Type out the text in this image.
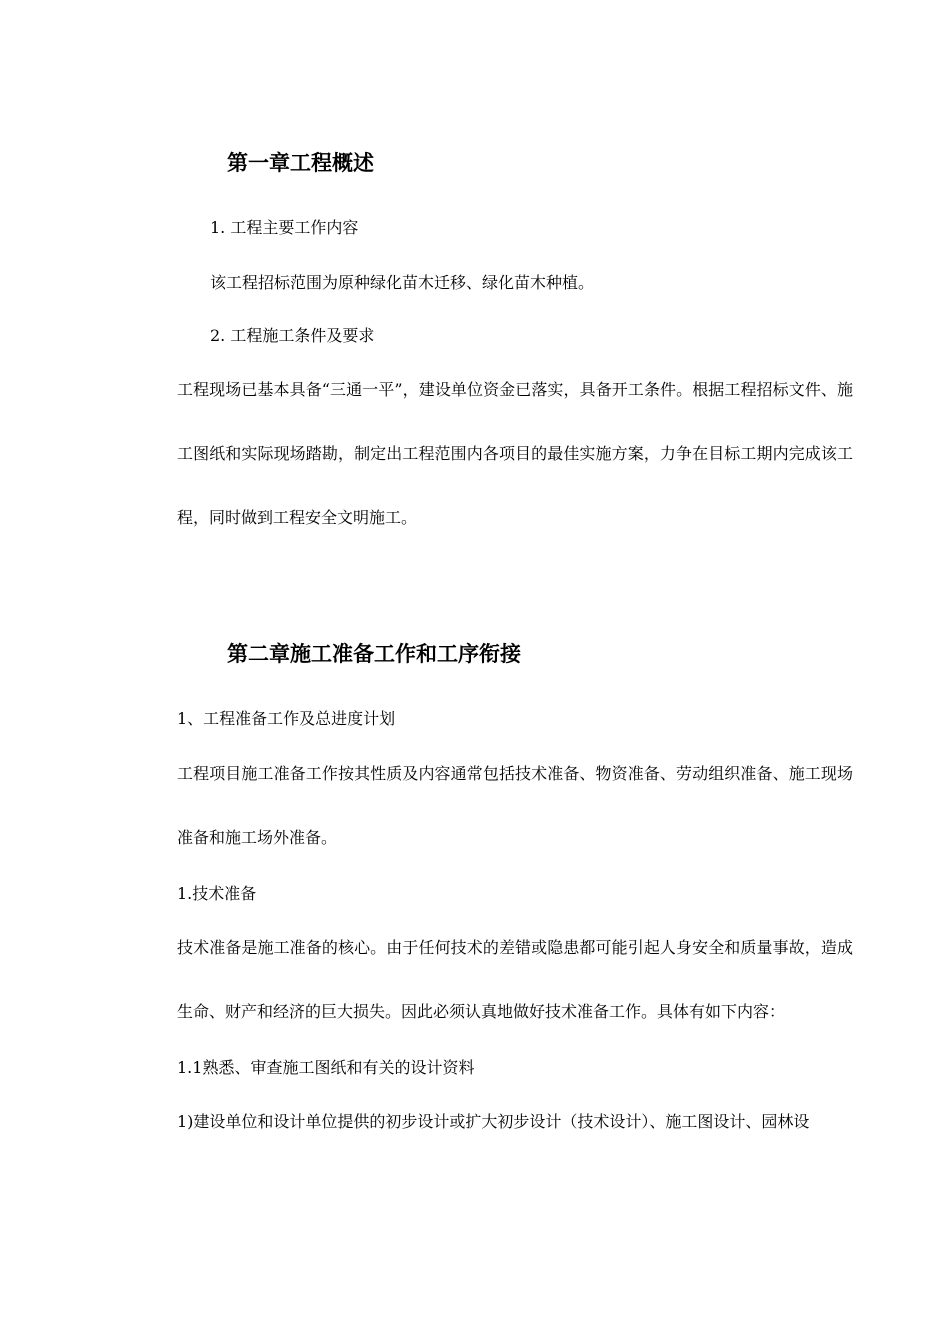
第一章工程概述
1. 工程主要工作内容
该工程招标范围为原种绿化苗木迁移、绿化苗木种植。
2. 工程施工条件及要求
工程现场已基本具备“三通一平”，建设单位资金已落实，具备开工条件。根据工程招标文件、施工图纸和实际现场踏勘，制定出工程范围内各项目的最佳实施方案，力争在目标工期内完成该工程，同时做到工程安全文明施工。
第二章施工准备工作和工序衔接
1、工程准备工作及总进度计划
工程项目施工准备工作按其性质及内容通常包括技术准备、物资准备、劳动组织准备、施工现场准备和施工场外准备。
1.技术准备
技术准备是施工准备的核心。由于任何技术的差错或隐患都可能引起人身安全和质量事故，造成生命、财产和经济的巨大损失。因此必须认真地做好技术准备工作。具体有如下内容：
1.1熟悉、审查施工图纸和有关的设计资料
1)建设单位和设计单位提供的初步设计或扩大初步设计（技术设计）、施工图设计、园林设
